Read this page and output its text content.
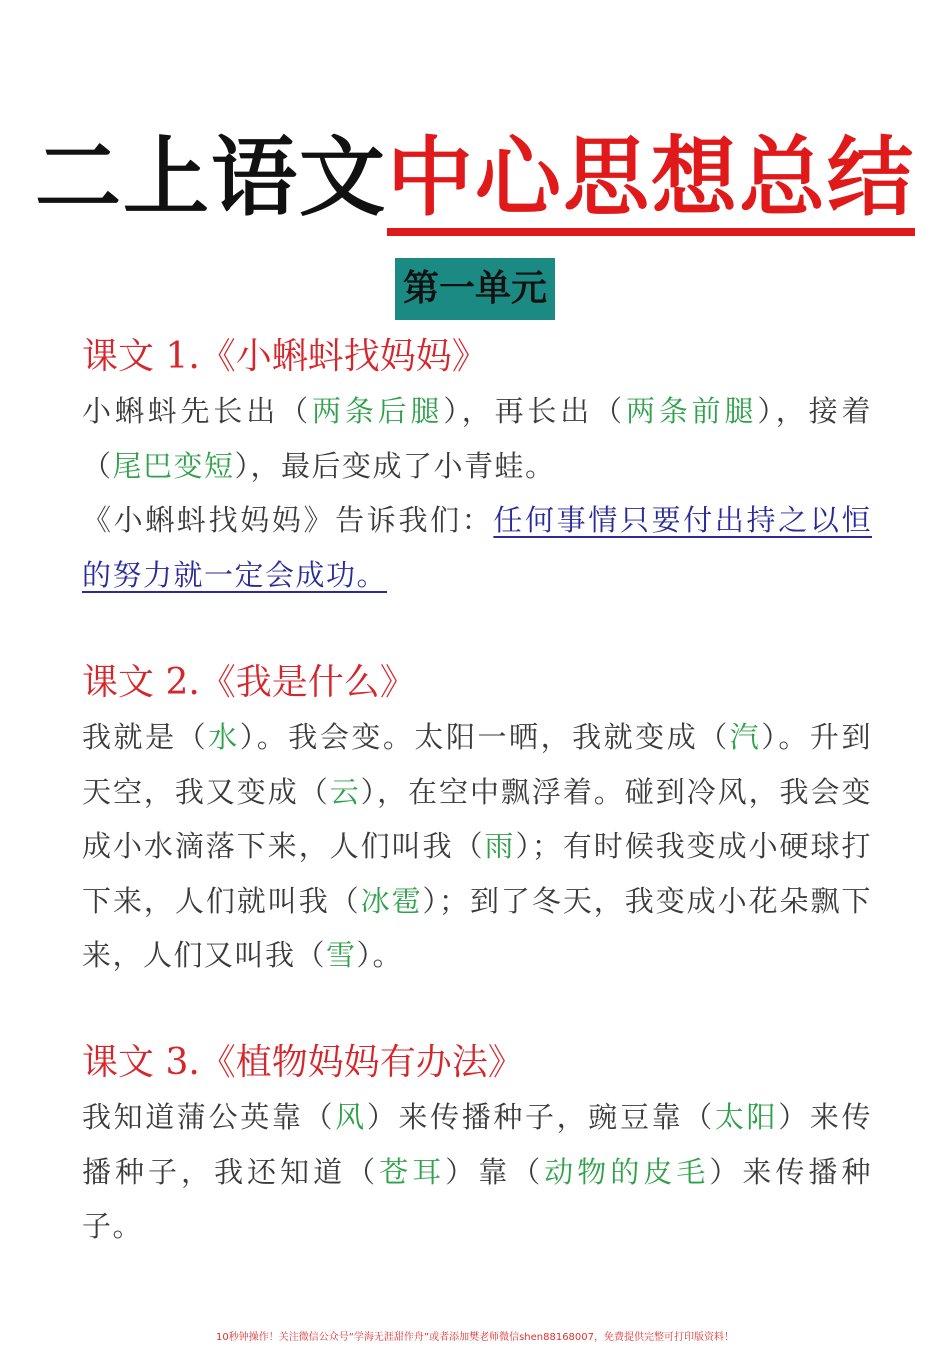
二上语文中心思想总结
第一单元
课文 1.《小蝌蚪找妈妈》

小蝌蚪先长出（两条后腿），再长出（两条前腿），接着（尾巴变短），最后变成了小青蛙。

《小蝌蚪找妈妈》告诉我们：任何事情只要付出持之以恒的努力就一定会成功。

课文 2.《我是什么》

我就是（水）。我会变。太阳一晒，我就变成（汽）。升到天空，我又变成（云），在空中飘浮着。碰到冷风，我会变成小水滴落下来，人们叫我（雨）；有时候我变成小硬球打下来，人们就叫我（冰雹）；到了冬天，我变成小花朵飘下来，人们又叫我（雪）。

课文 3.《植物妈妈有办法》

我知道蒲公英靠（风）来传播种子，豌豆靠（太阳）来传播种子，我还知道（苍耳）靠（动物的皮毛）来传播种子。

10秒钟操作！关注微信公众号“学海无涯甜作舟”或者添加樊老师微信shen88168007，免费提供完整可打印版资料！
